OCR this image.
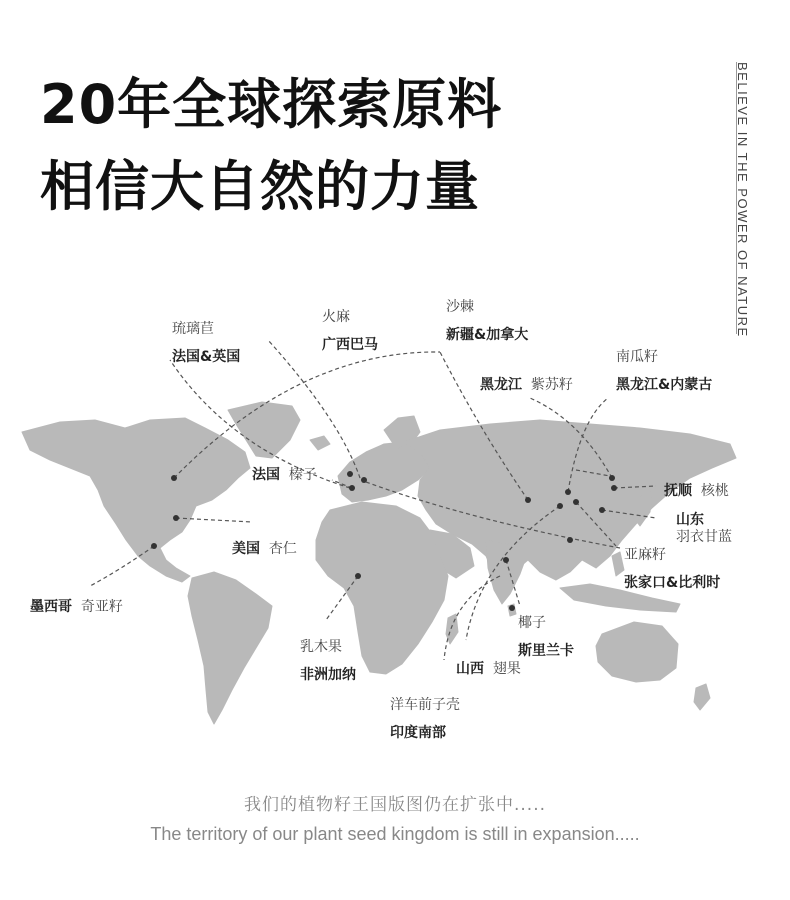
20年全球探索原料
相信大自然的力量	BELIEVE IN THE POWER OF NATURE
琉璃苣
法国&英国
火麻
广西巴马
沙棘
新疆&加拿大
南瓜籽
黑龙江&内蒙古
黑龙江 紫苏籽
法国 榛子
抚顺 核桃
山东
羽衣甘蓝
美国 杏仁	亚麻籽
张家口&比利时
墨西哥 奇亚籽
乳木果
非洲加纳
椰子
斯里兰卡
山西 翅果
洋车前子壳
印度南部
我们的植物籽王国版图仍在扩张中.....
The territory of our plant seed kingdom is still in expansion.....
